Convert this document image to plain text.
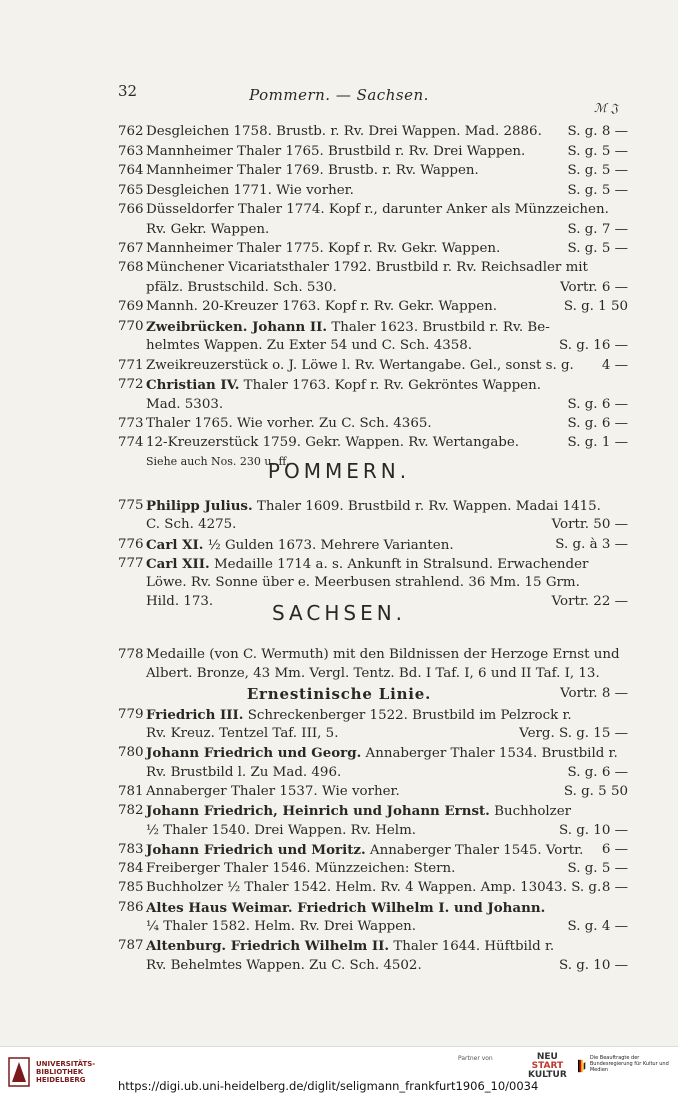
32	Pommern. — Sachsen.
ℳ 𝔍
762 Desgleichen 1758. Brustb. r. Rv. Drei Wappen. Mad. 2886. S. g. 8 —
763 Mannheimer Thaler 1765. Brustbild r. Rv. Drei Wappen.	S. g. 5 —
764 Mannheimer Thaler 1769. Brustb. r. Rv. Wappen.	S. g. 5 —
765 Desgleichen 1771. Wie vorher.	S. g. 5 —
766 Düsseldorfer Thaler 1774. Kopf r., darunter Anker als Münzzeichen.
Rv. Gekr. Wappen.	S. g. 7 —
767 Mannheimer Thaler 1775. Kopf r. Rv. Gekr. Wappen.	S. g. 5 —
768 Münchener Vicariatsthaler 1792. Brustbild r. Rv. Reichsadler mit
pfälz. Brustschild. Sch. 530.	Vortr. 6 —
769 Mannh. 20-Kreuzer 1763. Kopf r. Rv. Gekr. Wappen.	S. g. 1 50
770 Zweibrücken. Johann II. Thaler 1623. Brustbild r. Rv. Be-
helmtes Wappen. Zu Exter 54 und C. Sch. 4358.	S. g. 16 —
771 Zweikreuzerstück o. J. Löwe l. Rv. Wertangabe. Gel., sonst s. g. 4 —
772 Christian IV. Thaler 1763. Kopf r. Rv. Gekröntes Wappen.
Mad. 5303.	S. g. 6 —
773 Thaler 1765. Wie vorher. Zu C. Sch. 4365.	S. g. 6 —
774 12-Kreuzerstück 1759. Gekr. Wappen. Rv. Wertangabe.	S. g. 1 —
Siehe auch Nos. 230 u. ff.
775 Philipp Julius. Thaler 1609. Brustbild r. Rv. Wappen. Madai 1415.
C. Sch. 4275.	Vortr. 50 —
776 Carl XI. ½ Gulden 1673. Mehrere Varianten.	S. g. à 3 —
777 Carl XII. Medaille 1714 a. s. Ankunft in Stralsund. Erwachender
Löwe. Rv. Sonne über e. Meerbusen strahlend. 36 Mm. 15 Grm.
Hild. 173.	Vortr. 22 —
778 Medaille (von C. Wermuth) mit den Bildnissen der Herzoge Ernst und
Albert. Bronze, 43 Mm. Vergl. Tentz. Bd. I Taf. I, 6 und II Taf. I, 13.
Vortr. 8 —
779 Friedrich III. Schreckenberger 1522. Brustbild im Pelzrock r.
Rv. Kreuz. Tentzel Taf. III, 5.	Verg. S. g. 15 —
780 Johann Friedrich und Georg. Annaberger Thaler 1534. Brustbild r.
Rv. Brustbild l. Zu Mad. 496.	S. g. 6 —
781 Annaberger Thaler 1537. Wie vorher.	S. g. 5 50
782 Johann Friedrich, Heinrich und Johann Ernst. Buchholzer
½ Thaler 1540. Drei Wappen. Rv. Helm.	S. g. 10 —
783 Johann Friedrich und Moritz. Annaberger Thaler 1545. Vortr. 6 —
784 Freiberger Thaler 1546. Münzzeichen: Stern.	S. g. 5 —
785 Buchholzer ½ Thaler 1542. Helm. Rv. 4 Wappen. Amp. 13043. S. g. 8 —
786 Altes Haus Weimar. Friedrich Wilhelm I. und Johann.
¼ Thaler 1582. Helm. Rv. Drei Wappen.	S. g. 4 —
787 Altenburg. Friedrich Wilhelm II. Thaler 1644. Hüftbild r.
Rv. Behelmtes Wappen. Zu C. Sch. 4502.	S. g. 10 —
POMMERN.
SACHSEN.
Ernestinische Linie.
UNIVERSITÄTS-
BIBLIOTHEK
HEIDELBERG
Partner von	NEU
START
KULTUR
Die Beauftragte der Bundesregierung für Kultur und Medien
https://digi.ub.uni-heidelberg.de/diglit/seligmann_frankfurt1906_10/0034
